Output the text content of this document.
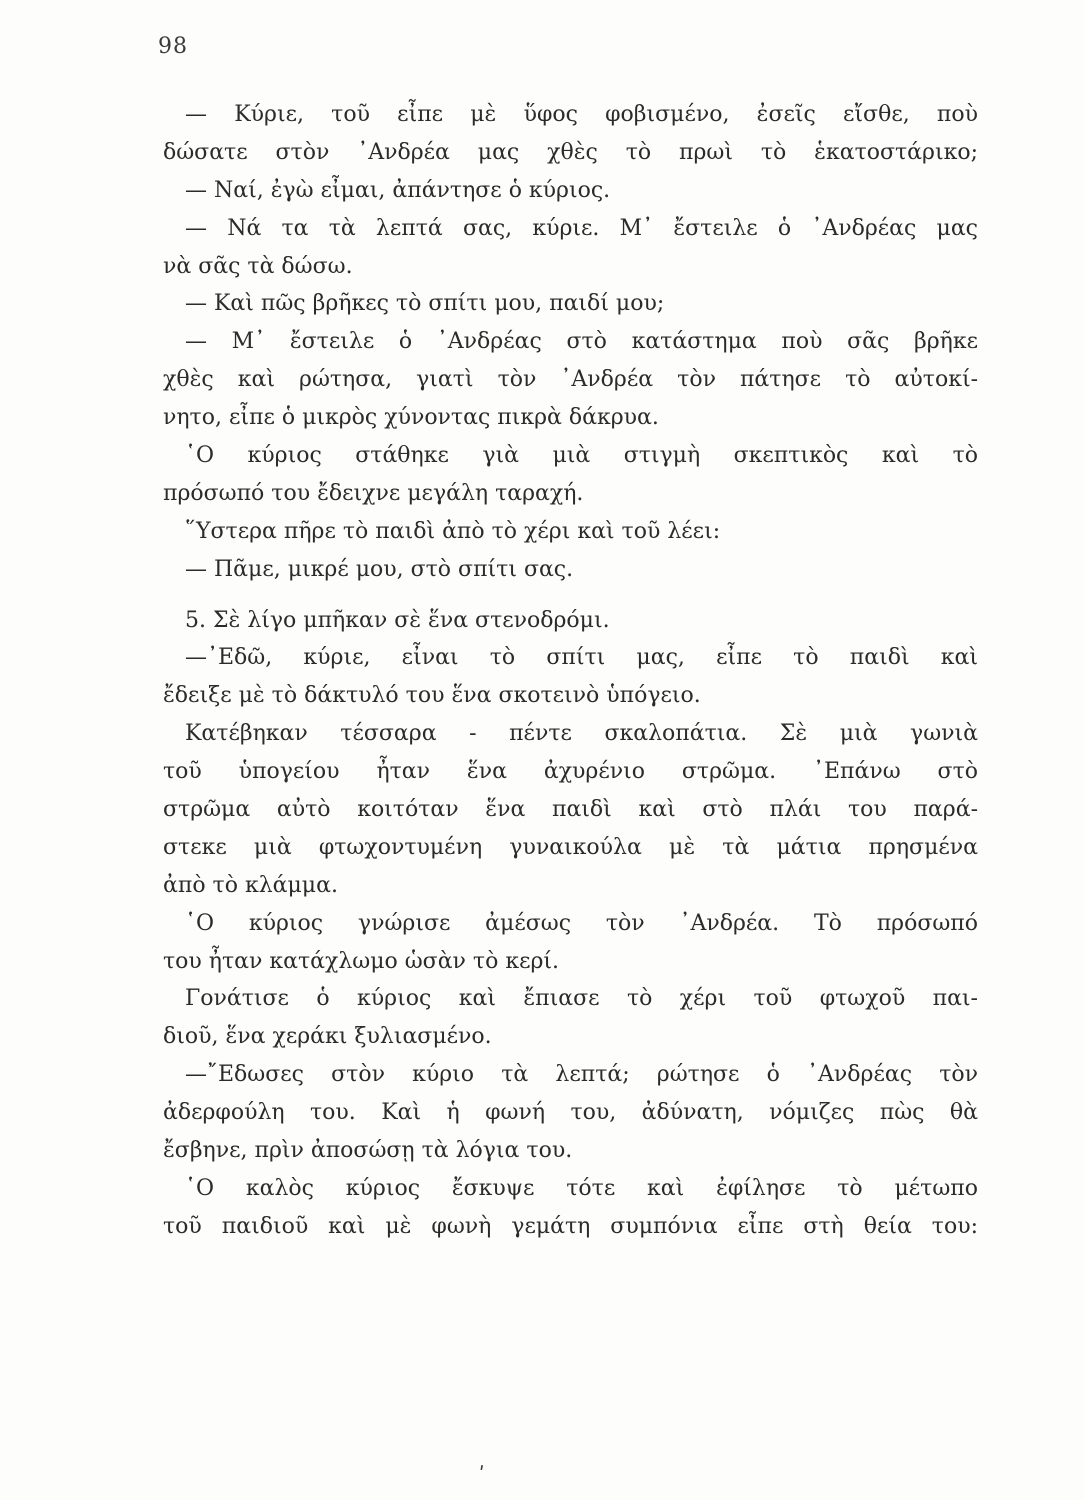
98
— Κύριε, τοῦ εἶπε μὲ ὕφος φοβισμένο, ἐσεῖς εἴσθε, ποὺ
δώσατε στὸν ᾿Ανδρέα μας χθὲς τὸ πρωὶ τὸ ἑκατοστάρικο;
— Ναί, ἐγὼ εἶμαι, ἀπάντησε ὁ κύριος.
— Νά τα τὰ λεπτά σας, κύριε. Μ᾿ ἔστειλε ὁ ᾿Ανδρέας μας
νὰ σᾶς τὰ δώσω.
— Καὶ πῶς βρῆκες τὸ σπίτι μου, παιδί μου;
— Μ᾿ ἔστειλε ὁ ᾿Ανδρέας στὸ κατάστημα ποὺ σᾶς βρῆκε
χθὲς καὶ ρώτησα, γιατὶ τὸν ᾿Ανδρέα τὸν πάτησε τὸ αὐτοκί-
νητο, εἶπε ὁ μικρὸς χύνοντας πικρὰ δάκρυα.
῾Ο κύριος στάθηκε γιὰ μιὰ στιγμὴ σκεπτικὸς καὶ τὸ
πρόσωπό του ἔδειχνε μεγάλη ταραχή.
῞Υστερα πῆρε τὸ παιδὶ ἀπὸ τὸ χέρι καὶ τοῦ λέει:
— Πᾶμε, μικρέ μου, στὸ σπίτι σας.
5. Σὲ λίγο μπῆκαν σὲ ἕνα στενοδρόμι.
—᾿Εδῶ, κύριε, εἶναι τὸ σπίτι μας, εἶπε τὸ παιδὶ καὶ
ἔδειξε μὲ τὸ δάκτυλό του ἕνα σκοτεινὸ ὑπόγειο.
Κατέβηκαν τέσσαρα - πέντε σκαλοπάτια. Σὲ μιὰ γωνιὰ
τοῦ ὑπογείου ἦταν ἕνα ἀχυρένιο στρῶμα. ᾿Επάνω στὸ
στρῶμα αὐτὸ κοιτόταν ἕνα παιδὶ καὶ στὸ πλάι του παρά-
στεκε μιὰ φτωχοντυμένη γυναικούλα μὲ τὰ μάτια πρησμένα
ἀπὸ τὸ κλάμμα.
῾Ο κύριος γνώρισε ἀμέσως τὸν ᾿Ανδρέα. Τὸ πρόσωπό
του ἦταν κατάχλωμο ὡσὰν τὸ κερί.
Γονάτισε ὁ κύριος καὶ ἔπιασε τὸ χέρι τοῦ φτωχοῦ παι-
διοῦ, ἕνα χεράκι ξυλιασμένο.
—῎Εδωσες στὸν κύριο τὰ λεπτά; ρώτησε ὁ ᾿Ανδρέας τὸν
ἀδερφούλη του. Καὶ ἡ φωνή του, ἀδύνατη, νόμιζες πὼς θὰ
ἔσβηνε, πρὶν ἀποσώσῃ τὰ λόγια του.
῾Ο καλὸς κύριος ἔσκυψε τότε καὶ ἐφίλησε τὸ μέτωπο
τοῦ παιδιοῦ καὶ μὲ φωνὴ γεμάτη συμπόνια εἶπε στὴ θεία του:
ʹ
